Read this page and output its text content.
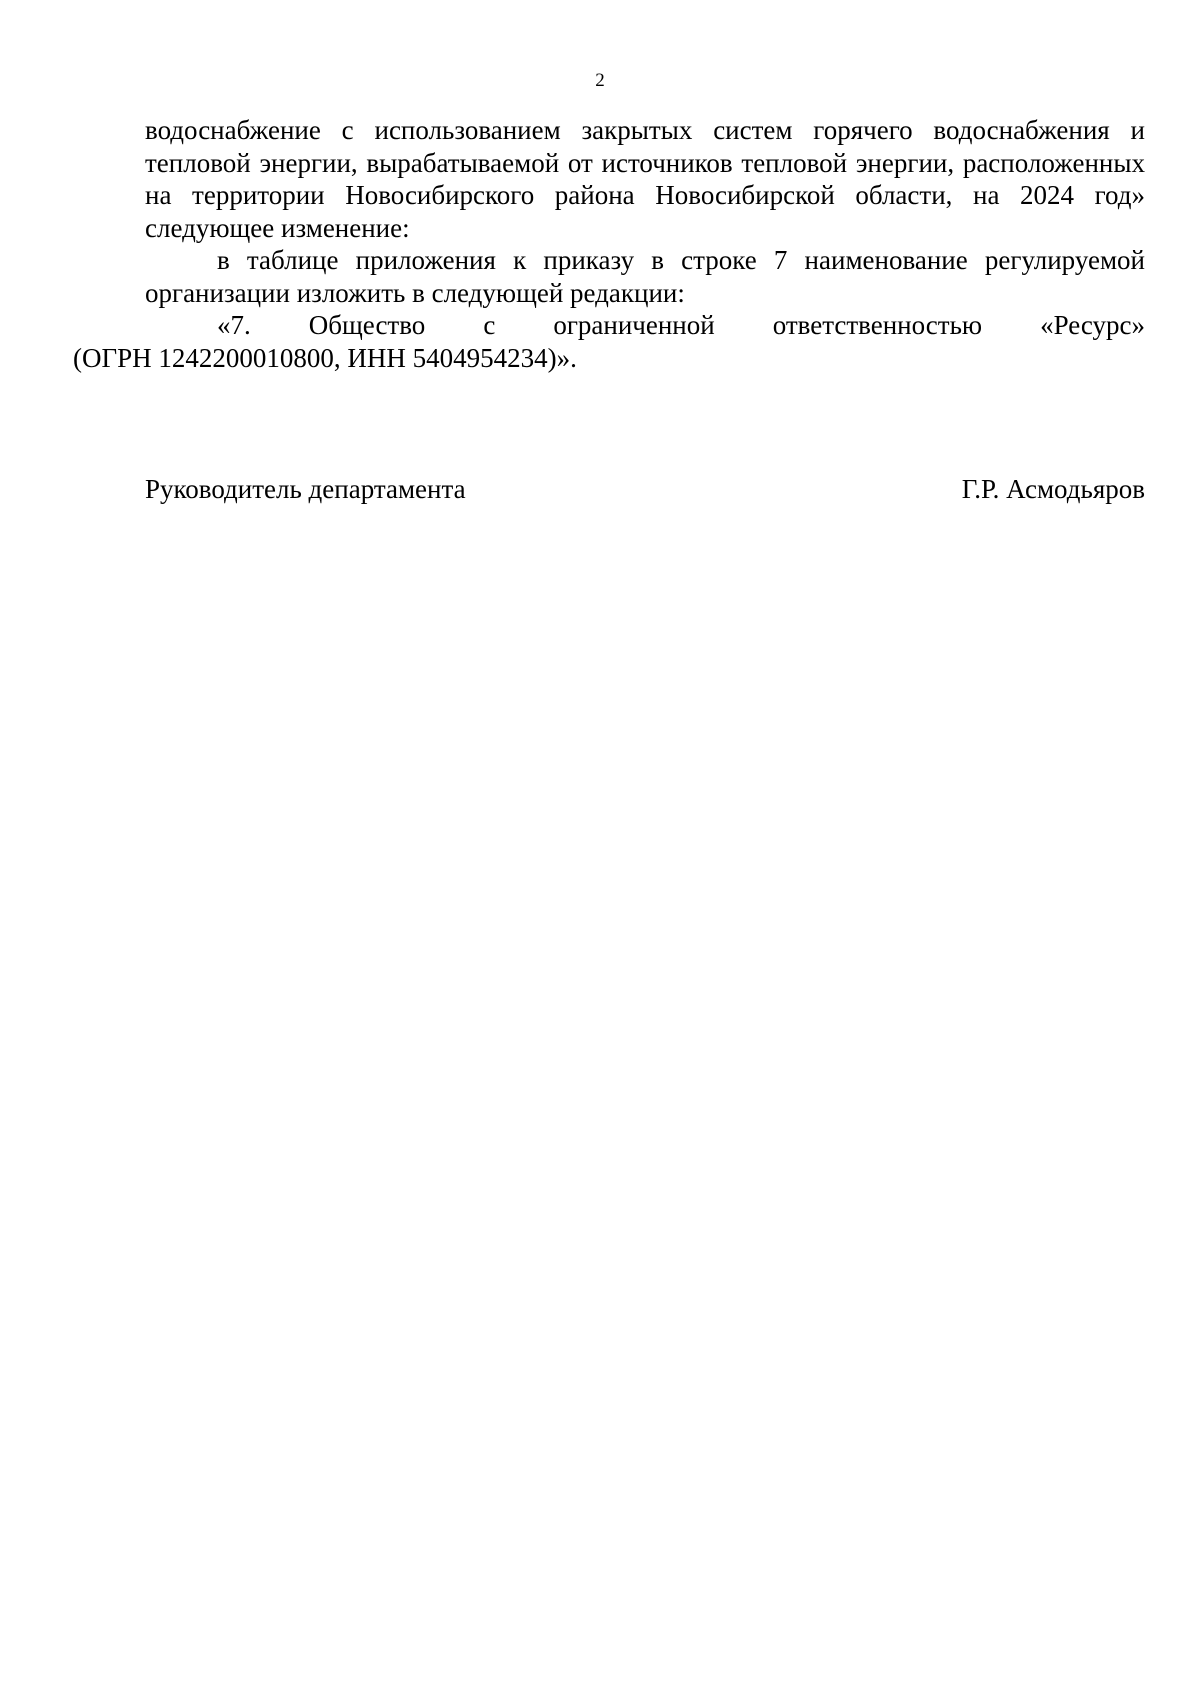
2

водоснабжение с использованием закрытых систем горячего водоснабжения и тепловой энергии, вырабатываемой от источников тепловой энергии, расположенных на территории Новосибирского района Новосибирской области, на 2024 год» следующее изменение:

в таблице приложения к приказу в строке 7 наименование регулируемой организации изложить в следующей редакции:

«7. Общество с ограниченной ответственностью «Ресурс»
(ОГРН 1242200010800, ИНН 5404954234)».

Руководитель департамента	Г.Р. Асмодьяров
